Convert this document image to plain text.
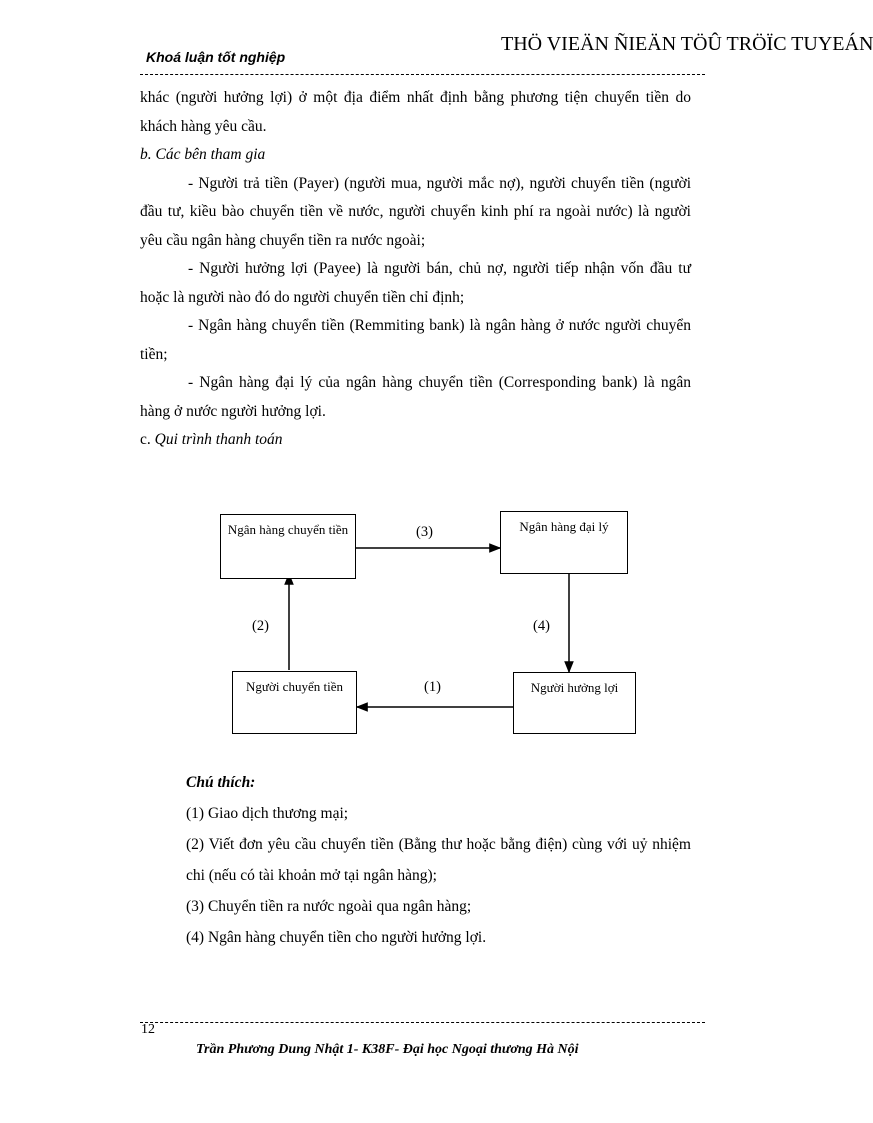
Khoá luận tốt nghiệp
THÖ VIEÄN ÑIEÄN TÖÛ TRÖÏC TUYEÁN

khác (người hưởng lợi) ở một địa điểm nhất định bằng phương tiện chuyển tiền do khách hàng yêu cầu.

b. Các bên tham gia

- Người trả tiền (Payer) (người mua, người mắc nợ), người chuyển tiền (người đầu tư, kiều bào chuyển tiền về nước, người chuyển kinh phí ra ngoài nước) là người yêu cầu ngân hàng chuyển tiền ra nước ngoài;

- Người hưởng lợi (Payee) là người bán, chủ nợ, người tiếp nhận vốn đầu tư hoặc là người nào đó do người chuyển tiền chỉ định;

- Ngân hàng chuyển tiền (Remmiting bank) là ngân hàng ở nước người chuyển tiền;

- Ngân hàng đại lý của ngân hàng chuyển tiền (Corresponding bank) là ngân hàng ở nước người hưởng lợi.

c. Qui trình thanh toán

Ngân hàng chuyển tiền	Ngân hàng đại lý
Người chuyển tiền	Người hưởng lợi
(3)
(2)	(4)
(1)

Chú thích:

(1) Giao dịch thương mại;

(2) Viết đơn yêu cầu chuyển tiền (Bằng thư hoặc bằng điện) cùng với uỷ nhiệm chi (nếu có tài khoản mở tại ngân hàng);

(3) Chuyển tiền ra nước ngoài qua ngân hàng;

(4) Ngân hàng chuyển tiền cho người hưởng lợi.

12
Trần Phương Dung Nhật 1- K38F- Đại học Ngoại thương Hà Nội
